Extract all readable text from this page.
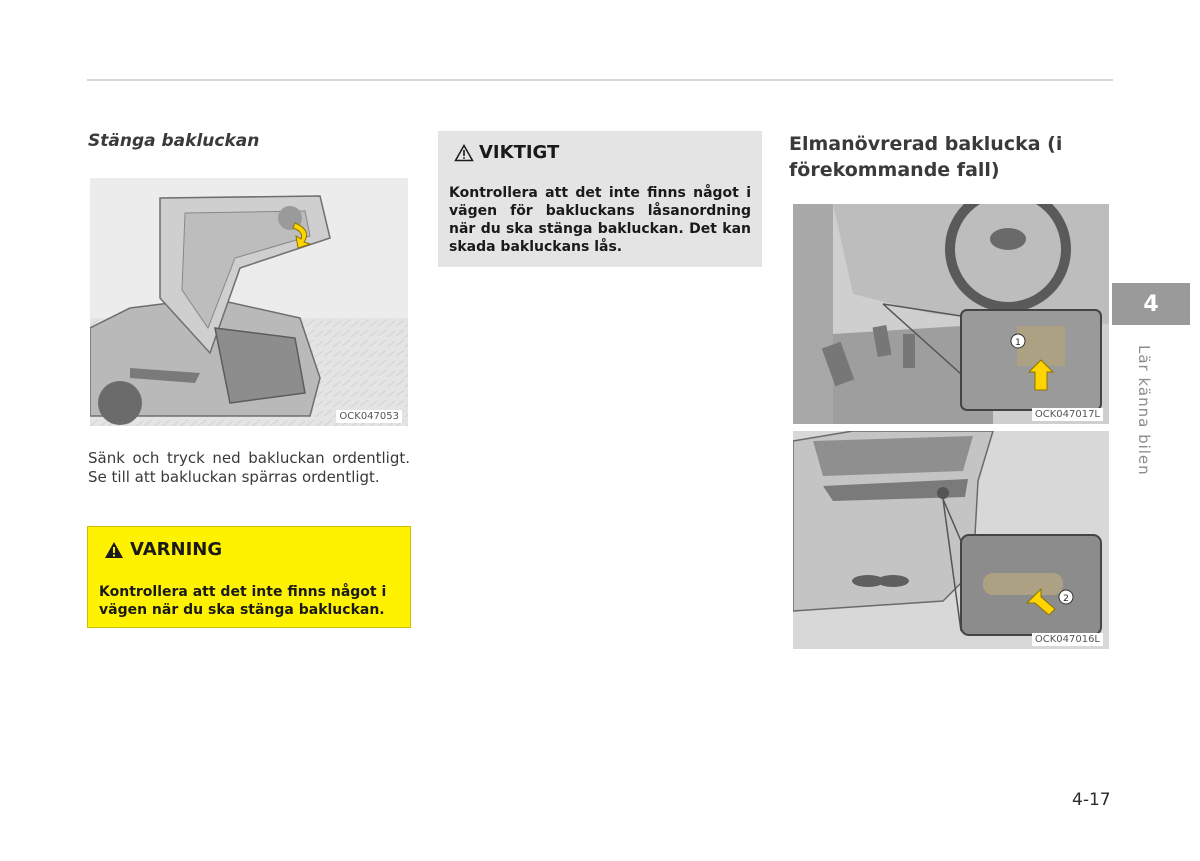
Stänga bakluckan
OCK047053
Sänk och tryck ned bakluckan ordentligt. Se till att bakluckan spärras ordentligt.
VARNING
Kontrollera att det inte finns något i vägen när du ska stänga bakluckan.
VIKTIGT
Kontrollera att det inte finns något i vägen för bakluckans låsanordning när du ska stänga bakluckan. Det kan skada bakluckans lås.
Elmanövrerad baklucka (i förekommande fall)
1
OCK047017L
2
OCK047016L
4
Lär känna bilen
4-17
